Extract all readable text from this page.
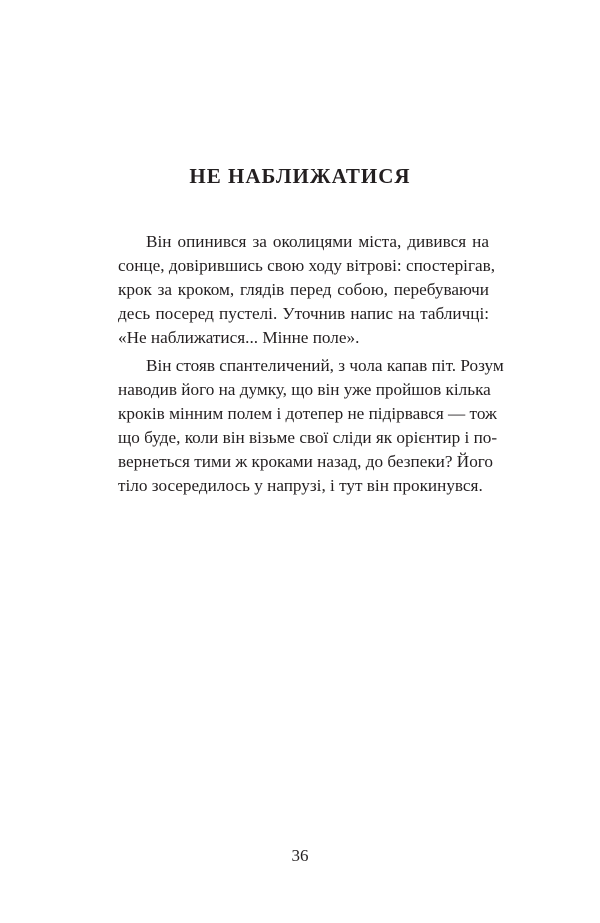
НЕ НАБЛИЖАТИСЯ
Він опинився за околицями міста, дивився на
сонце, довірившись свою ходу вітрові: спостерігав,
крок за кроком, глядів перед собою, перебуваючи
десь посеред пустелі. Уточнив напис на табличці:
«Не наближатися... Мінне поле».
Він стояв спантеличений, з чола капав піт. Розум
наводив його на думку, що він уже пройшов кілька
кроків мінним полем і дотепер не підірвався — тож
що буде, коли він візьме свої сліди як орієнтир і по-
вернеться тими ж кроками назад, до безпеки? Його
тіло зосередилось у напрузі, і тут він прокинувся.
36
